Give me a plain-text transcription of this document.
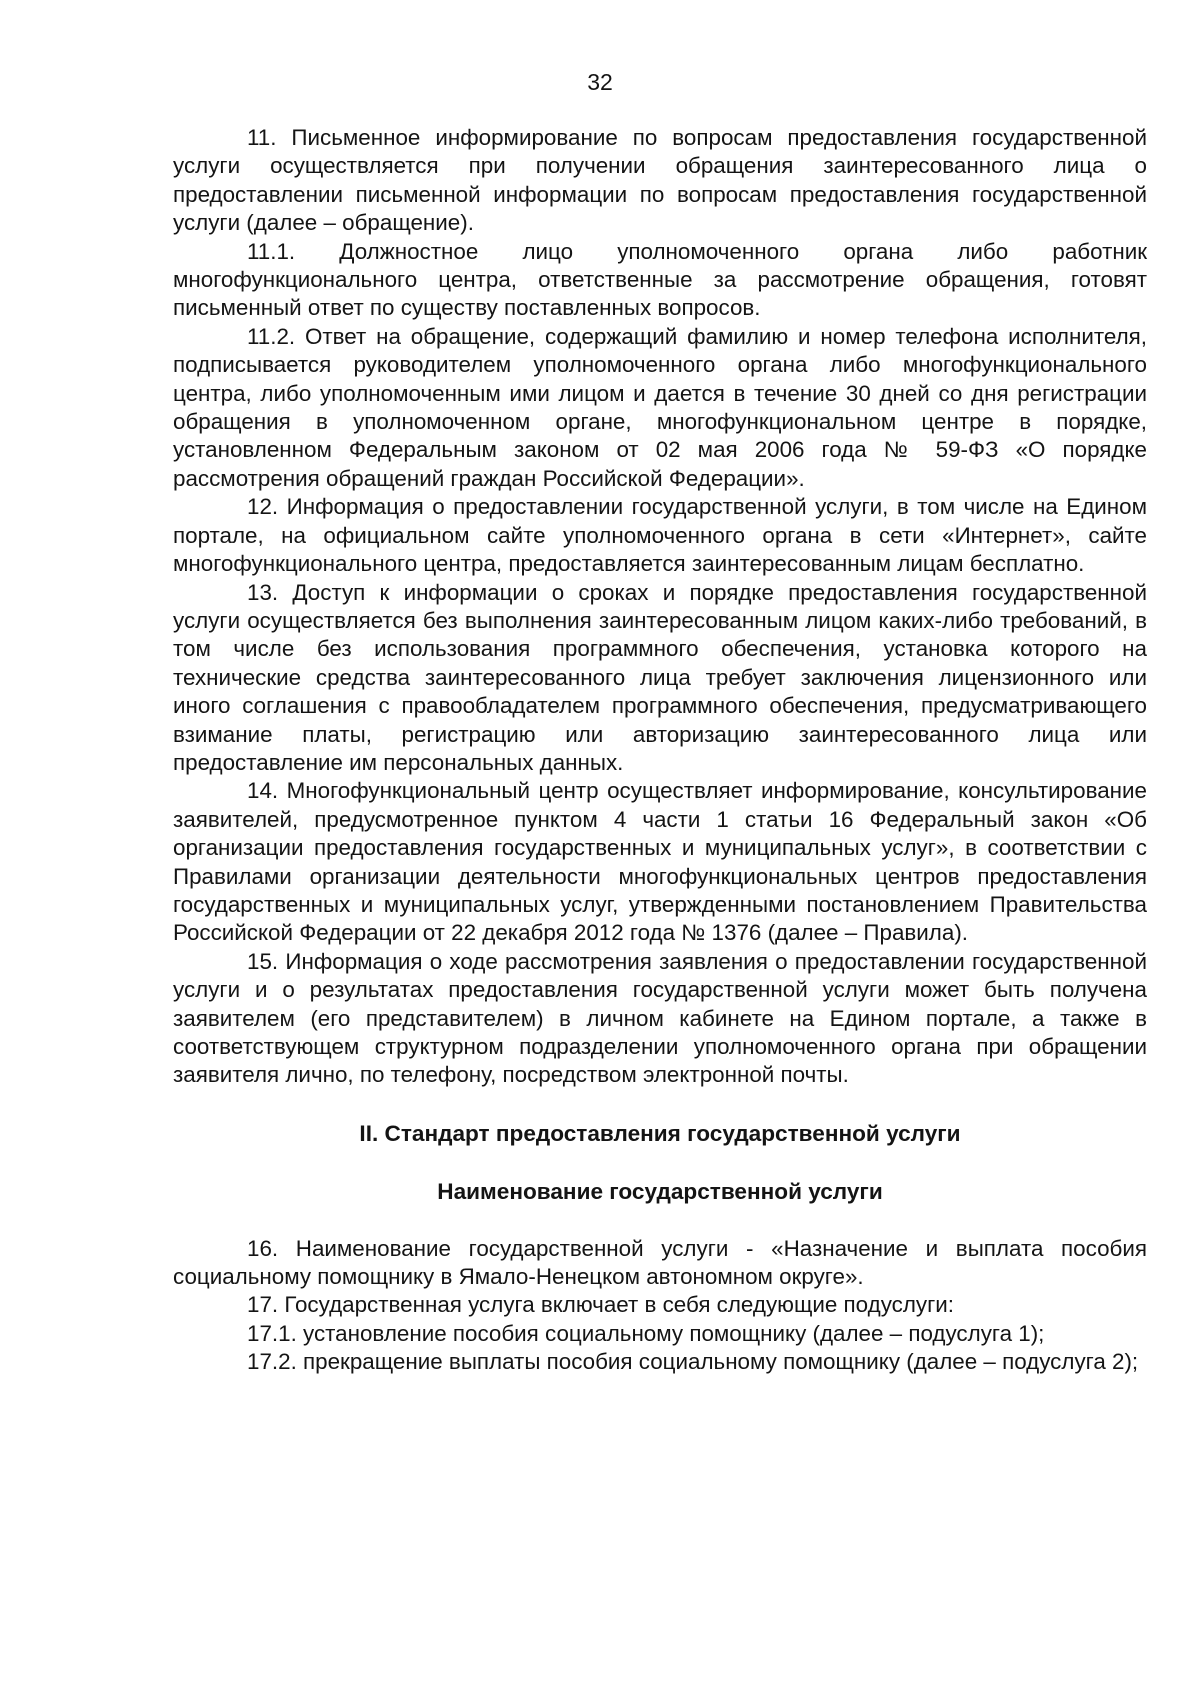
32

11. Письменное информирование по вопросам предоставления государственной услуги осуществляется при получении обращения заинтересованного лица о предоставлении письменной информации по вопросам предоставления государственной услуги (далее – обращение).

11.1. Должностное лицо уполномоченного органа либо работник многофункционального центра, ответственные за рассмотрение обращения, готовят письменный ответ по существу поставленных вопросов.

11.2. Ответ на обращение, содержащий фамилию и номер телефона исполнителя, подписывается руководителем уполномоченного органа либо многофункционального центра, либо уполномоченным ими лицом и дается в течение 30 дней со дня регистрации обращения в уполномоченном органе, многофункциональном центре в порядке, установленном Федеральным законом от 02 мая 2006 года № 59-ФЗ «О порядке рассмотрения обращений граждан Российской Федерации».

12. Информация о предоставлении государственной услуги, в том числе на Едином портале, на официальном сайте уполномоченного органа в сети «Интернет», сайте многофункционального центра, предоставляется заинтересованным лицам бесплатно.

13. Доступ к информации о сроках и порядке предоставления государственной услуги осуществляется без выполнения заинтересованным лицом каких-либо требований, в том числе без использования программного обеспечения, установка которого на технические средства заинтересованного лица требует заключения лицензионного или иного соглашения с правообладателем программного обеспечения, предусматривающего взимание платы, регистрацию или авторизацию заинтересованного лица или предоставление им персональных данных.

14. Многофункциональный центр осуществляет информирование, консультирование заявителей, предусмотренное пунктом 4 части 1 статьи 16 Федеральный закон «Об организации предоставления государственных и муниципальных услуг», в соответствии с Правилами организации деятельности многофункциональных центров предоставления государственных и муниципальных услуг, утвержденными постановлением Правительства Российской Федерации от 22 декабря 2012 года № 1376 (далее – Правила).

15. Информация о ходе рассмотрения заявления о предоставлении государственной услуги и о результатах предоставления государственной услуги может быть получена заявителем (его представителем) в личном кабинете на Едином портале, а также в соответствующем структурном подразделении уполномоченного органа при обращении заявителя лично, по телефону, посредством электронной почты.

II. Стандарт предоставления государственной услуги

Наименование государственной услуги

16. Наименование государственной услуги - «Назначение и выплата пособия социальному помощнику в Ямало-Ненецком автономном округе».

17. Государственная услуга включает в себя следующие подуслуги:

17.1. установление пособия социальному помощнику (далее – подуслуга 1);

17.2. прекращение выплаты пособия социальному помощнику (далее – подуслуга 2);
